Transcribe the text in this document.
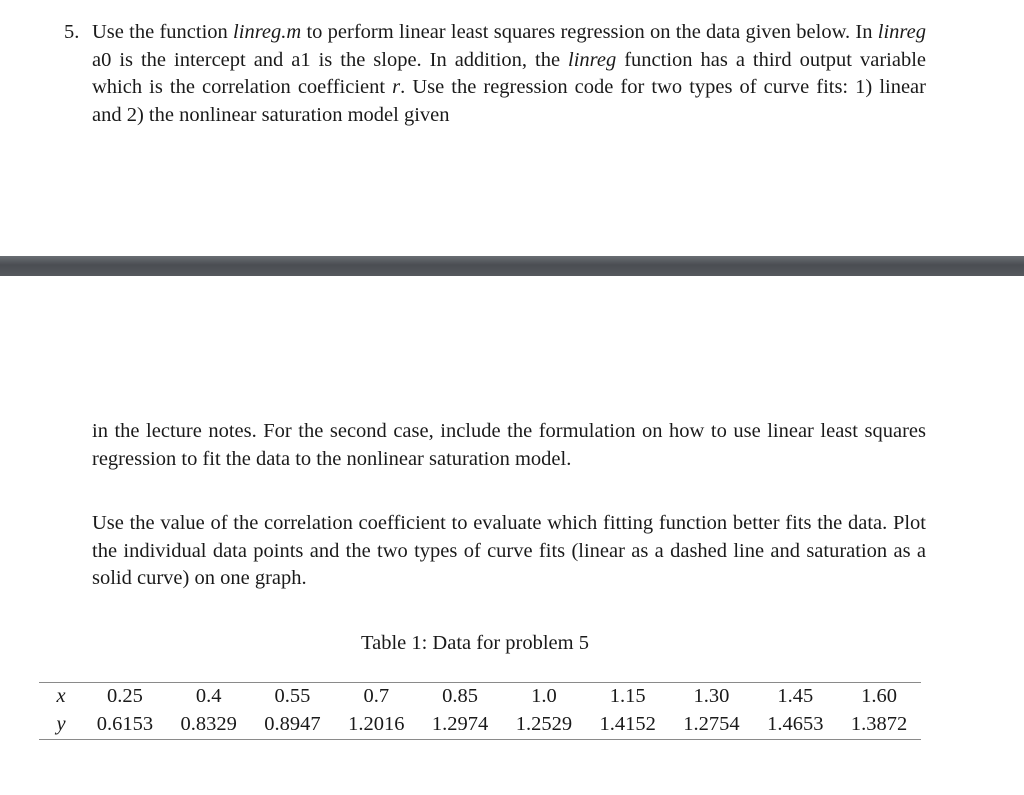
5. Use the function linreg.m to perform linear least squares regression on the data given below. In linreg a0 is the intercept and a1 is the slope. In addition, the linreg function has a third output variable which is the correlation coefficient r. Use the regression code for two types of curve fits: 1) linear and 2) the nonlinear saturation model given
in the lecture notes. For the second case, include the formulation on how to use linear least squares regression to fit the data to the nonlinear saturation model.
Use the value of the correlation coefficient to evaluate which fitting function better fits the data. Plot the individual data points and the two types of curve fits (linear as a dashed line and saturation as a solid curve) on one graph.
Table 1: Data for problem 5
x	0.25	0.4	0.55	0.7	0.85	1.0	1.15	1.30	1.45	1.60
y	0.6153	0.8329	0.8947	1.2016	1.2974	1.2529	1.4152	1.2754	1.4653	1.3872
